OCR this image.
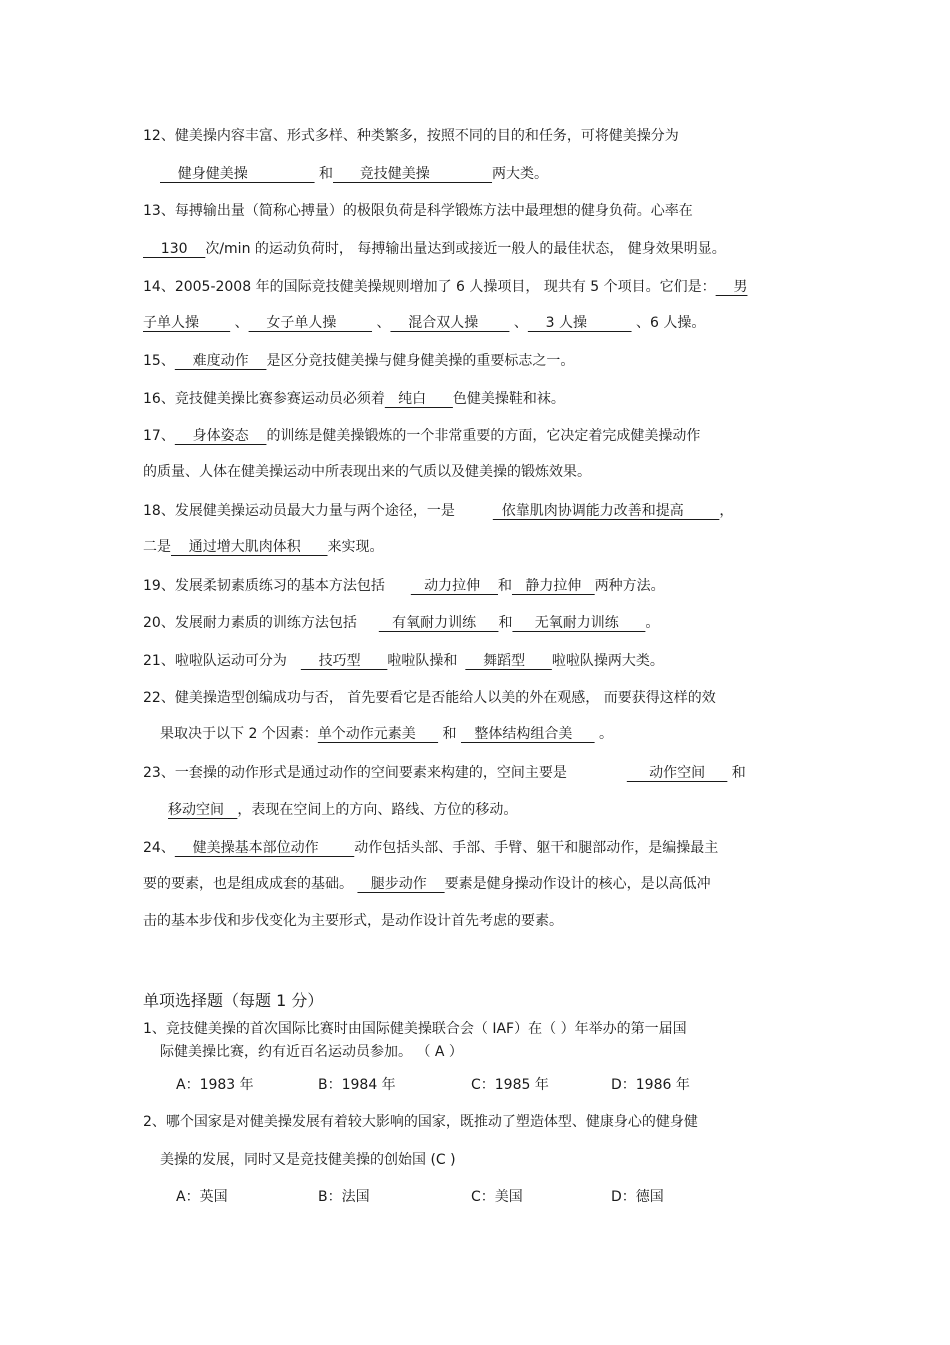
12、健美操内容丰富、形式多样、种类繁多，按照不同的目的和任务，可将健美操分为
健身健美操                和      竞技健美操              两大类。
13、每搏输出量（简称心搏量）的极限负荷是科学锻炼方法中最理想的健身负荷。心率在
130    次/min 的运动负荷时， 每搏输出量达到或接近一般人的最佳状态， 健身效果明显。
14、2005-2008 年的国际竞技健美操规则增加了 6 人操项目， 现共有 5 个项目。它们是：    男
子单人操        、    女子单人操         、    混合双人操        、    3 人操           、6 人操。
15、    难度动作    是区分竞技健美操与健身健美操的重要标志之一。
16、竞技健美操比赛参赛运动员必须着   纯白      色健美操鞋和袜。
17、    身体姿态    的训练是健美操锻炼的一个非常重要的方面，它决定着完成健美操动作
的质量、人体在健美操运动中所表现出来的气质以及健美操的锻炼效果。
18、发展健美操运动员最大力量与两个途径，一是	依靠肌肉协调能力改善和提高        ，
二是    通过增大肌肉体积      来实现。
19、发展柔韧素质练习的基本方法包括   动力拉伸    和   静力拉伸   两种方法。
20、发展耐力素质的训练方法包括   有氧耐力训练     和     无氧耐力训练      。
21、啦啦队运动可分为    技巧型      啦啦队操和    舞蹈型      啦啦队操两大类。
22、健美操造型创编成功与否， 首先要看它是否能给人以美的外在观感， 而要获得这样的效
果取决于以下 2 个因素：单个动作元素美      和    整体结构组合美      。
23、一套操的动作形式是通过动作的空间要素来构建的，空间主要是	动作空间      和
移动空间   ，表现在空间上的方向、路线、方位的移动。
24、    健美操基本部位动作        动作包括头部、手部、手臂、躯干和腿部动作，是编操最主
要的要素，也是组成成套的基础。    腿步动作    要素是健身操动作设计的核心，是以高低冲
击的基本步伐和步伐变化为主要形式，是动作设计首先考虑的要素。
单项选择题（每题 1 分）
1、竞技健美操的首次国际比赛时由国际健美操联合会（ IAF）在（ ）年举办的第一届国
际健美操比赛，约有近百名运动员参加。 （ A ）
A：1983 年	B：1984 年	C：1985 年	D：1986 年
2、哪个国家是对健美操发展有着较大影响的国家，既推动了塑造体型、健康身心的健身健
美操的发展，同时又是竞技健美操的创始国 (C )
A：英国	B：法国	C：美国	D：德国
